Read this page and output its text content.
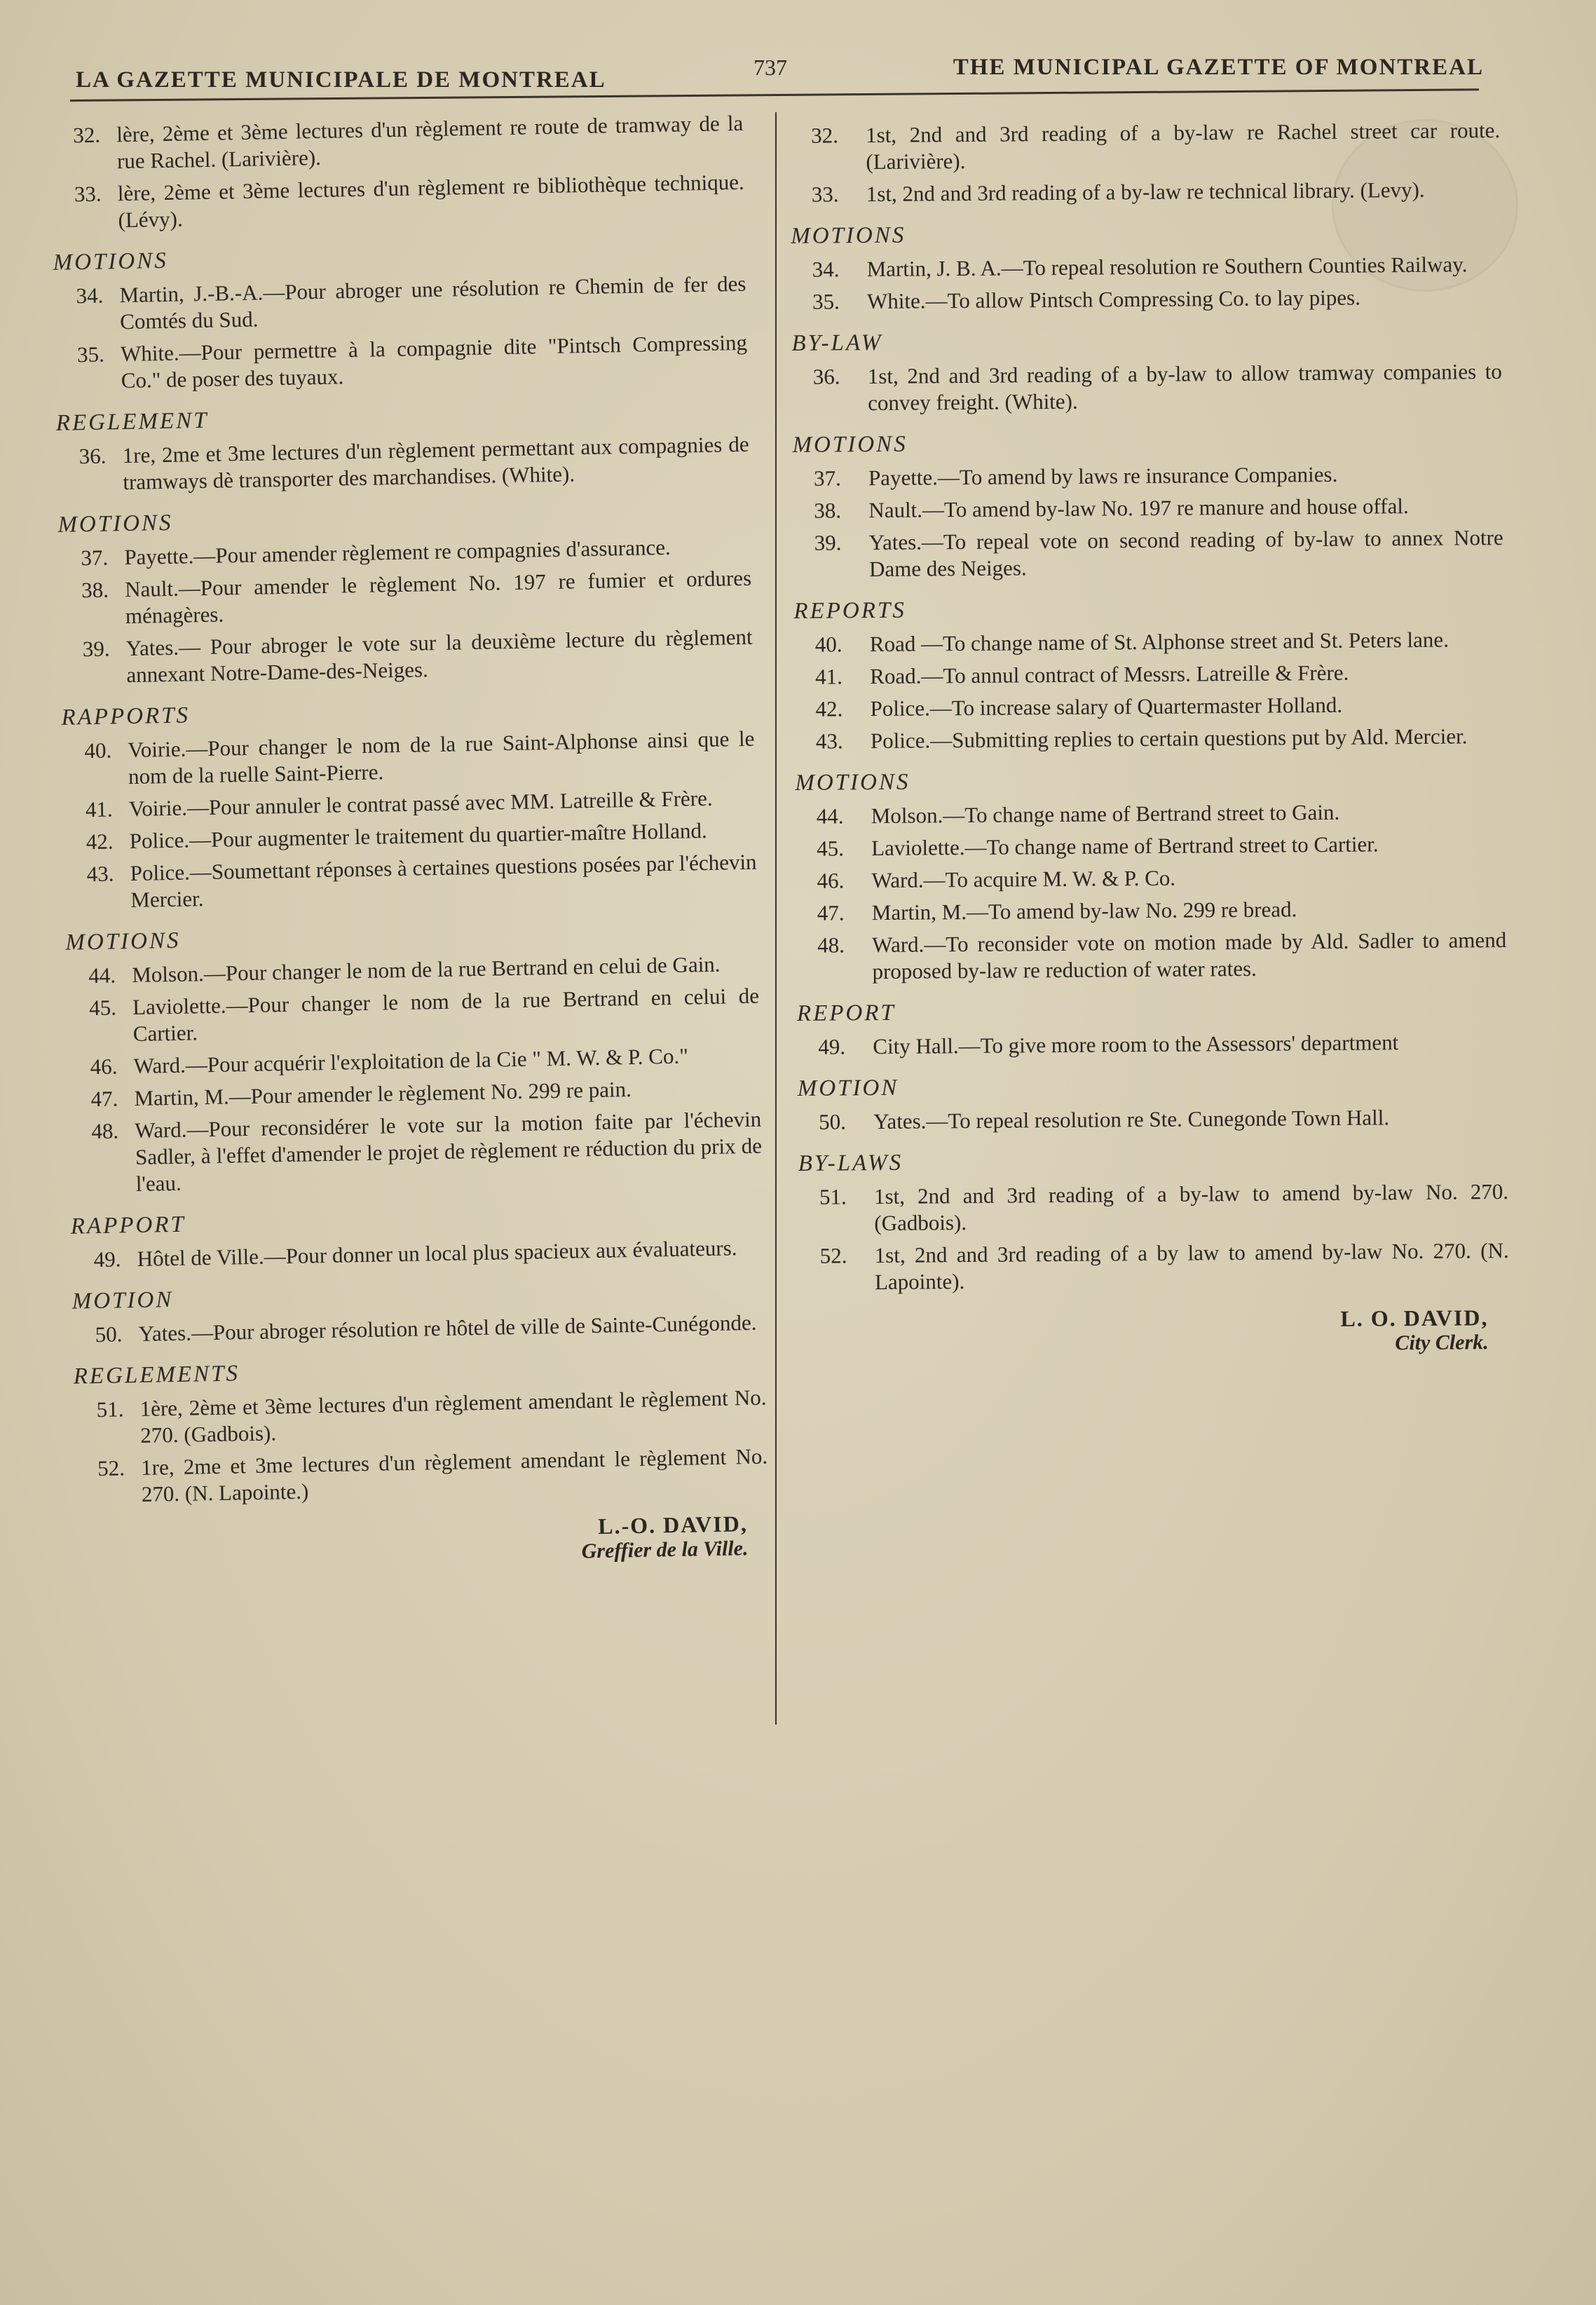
LA GAZETTE MUNICIPALE DE MONTREAL	737	THE MUNICIPAL GAZETTE OF MONTREAL
32. lère, 2ème et 3ème lectures d'un règlement re route de tramway de la rue Rachel. (Larivière).
33. lère, 2ème et 3ème lectures d'un règlement re bibliothèque technique. (Lévy).
MOTIONS
34. Martin, J.-B.-A.—Pour abroger une résolution re Chemin de fer des Comtés du Sud.
35. White.—Pour permettre à la compagnie dite "Pintsch Compressing Co." de poser des tuyaux.
REGLEMENT
36. 1re, 2me et 3me lectures d'un règlement permettant aux compagnies de tramways dè transporter des marchandises. (White).
MOTIONS
37. Payette.—Pour amender règlement re compagnies d'assurance.
38. Nault.—Pour amender le règlement No. 197 re fumier et ordures ménagères.
39. Yates.— Pour abroger le vote sur la deuxième lecture du règlement annexant Notre-Dame-des-Neiges.
RAPPORTS
40. Voirie.—Pour changer le nom de la rue Saint-Alphonse ainsi que le nom de la ruelle Saint-Pierre.
41. Voirie.—Pour annuler le contrat passé avec MM. Latreille & Frère.
42. Police.—Pour augmenter le traitement du quartier-maître Holland.
43. Police.—Soumettant réponses à certaines questions posées par l'échevin Mercier.
MOTIONS
44. Molson.—Pour changer le nom de la rue Bertrand en celui de Gain.
45. Laviolette.—Pour changer le nom de la rue Bertrand en celui de Cartier.
46. Ward.—Pour acquérir l'exploitation de la Cie " M. W. & P. Co."
47. Martin, M.—Pour amender le règlement No. 299 re pain.
48. Ward.—Pour reconsidérer le vote sur la motion faite par l'échevin Sadler, à l'effet d'amender le projet de règlement re réduction du prix de l'eau.
RAPPORT
49. Hôtel de Ville.—Pour donner un local plus spacieux aux évaluateurs.
MOTION
50. Yates.—Pour abroger résolution re hôtel de ville de Sainte-Cunégonde.
REGLEMENTS
51. 1ère, 2ème et 3ème lectures d'un règlement amendant le règlement No. 270. (Gadbois).
52. 1re, 2me et 3me lectures d'un règlement amendant le règlement No. 270. (N. Lapointe.)
L.-O. DAVID,
Greffier de la Ville.
32.	1st, 2nd and 3rd reading of a by-law re Rachel street car route. (Larivière).
33.	1st, 2nd and 3rd reading of a by-law re technical library. (Levy).
MOTIONS
34.	Martin, J. B. A.—To repeal resolution re Southern Counties Railway.
35.	White.—To allow Pintsch Compressing Co. to lay pipes.
BY-LAW
36.	1st, 2nd and 3rd reading of a by-law to allow tramway companies to convey freight. (White).
MOTIONS
37.	Payette.—To amend by laws re insurance Companies.
38.	Nault.—To amend by-law No. 197 re manure and house offal.
39.	Yates.—To repeal vote on second reading of by-law to annex Notre Dame des Neiges.
REPORTS
40.	Road —To change name of St. Alphonse street and St. Peters lane.
41.	Road.—To annul contract of Messrs. Latreille & Frère.
42.	Police.—To increase salary of Quartermaster Holland.
43.	Police.—Submitting replies to certain questions put by Ald. Mercier.
MOTIONS
44.	Molson.—To change name of Bertrand street to Gain.
45.	Laviolette.—To change name of Bertrand street to Cartier.
46.	Ward.—To acquire M. W. & P. Co.
47.	Martin, M.—To amend by-law No. 299 re bread.
48.	Ward.—To reconsider vote on motion made by Ald. Sadler to amend proposed by-law re reduction of water rates.
REPORT
49.	City Hall.—To give more room to the Assessors' department
MOTION
50.	Yates.—To repeal resolution re Ste. Cunegonde Town Hall.
BY-LAWS
51.	1st, 2nd and 3rd reading of a by-law to amend by-law No. 270. (Gadbois).
52.	1st, 2nd and 3rd reading of a by law to amend by-law No. 270. (N. Lapointe).
L. O. DAVID,
City Clerk.
